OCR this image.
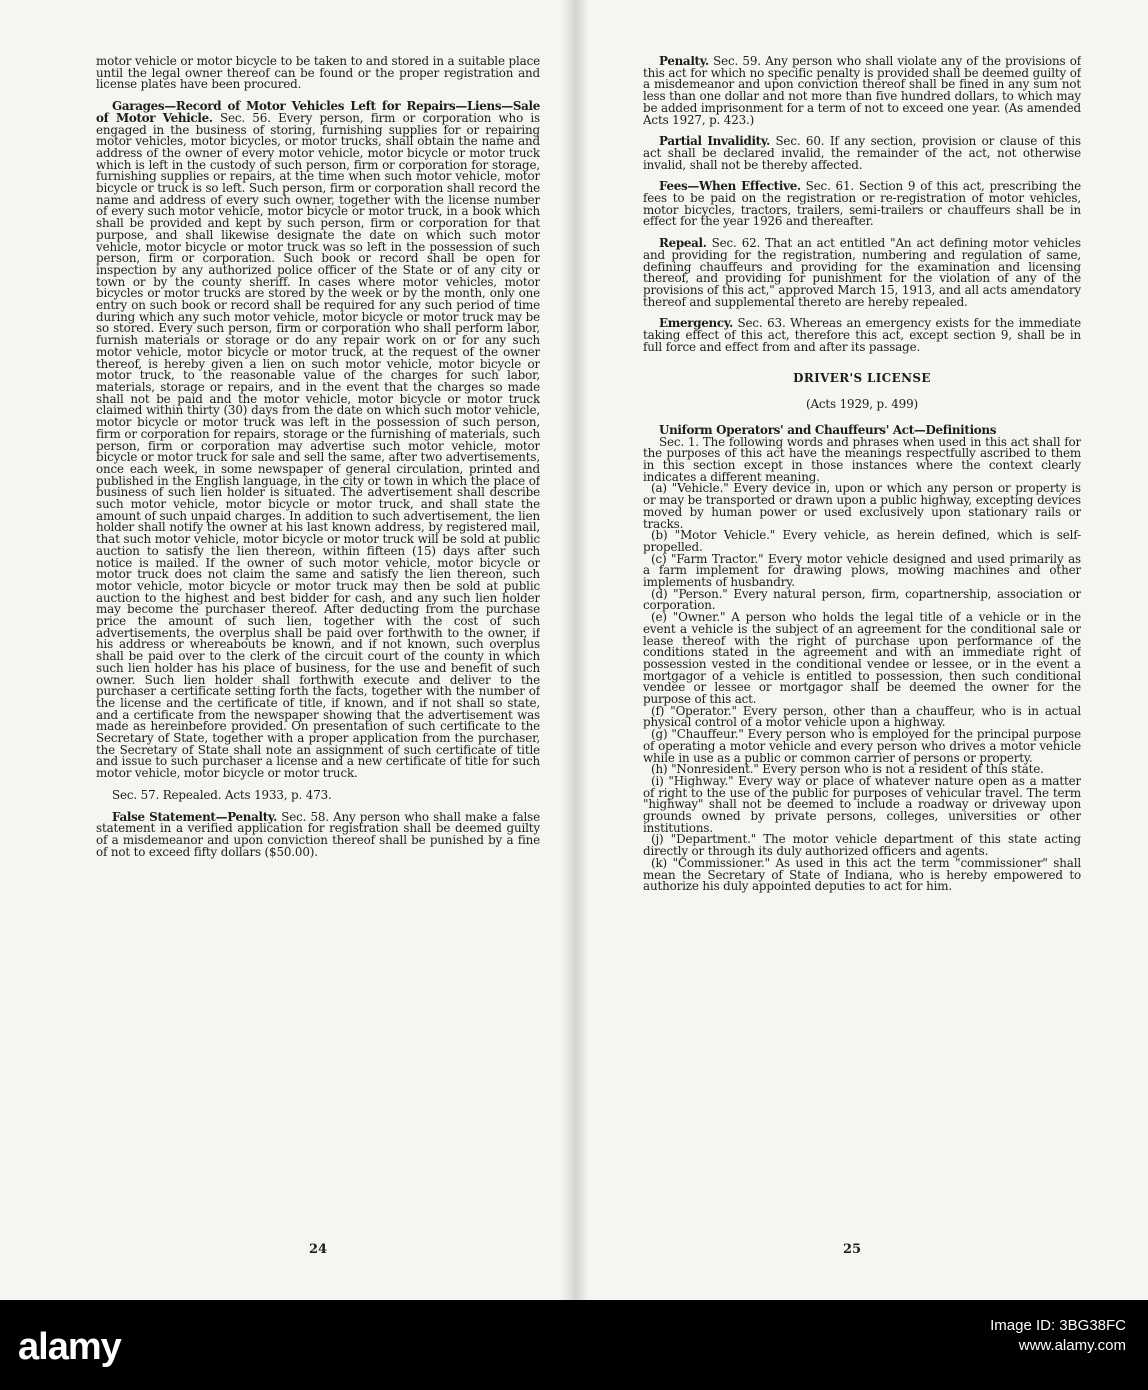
motor vehicle or motor bicycle to be taken to and stored in a suitable place until the legal owner thereof can be found or the proper registration and license plates have been procured.

Garages—Record of Motor Vehicles Left for Repairs—Liens—Sale of Motor Vehicle. Sec. 56. Every person, firm or corporation who is engaged in the business of storing, furnishing supplies for or repairing motor vehicles, motor bicycles, or motor trucks, shall obtain the name and address of the owner of every motor vehicle, motor bicycle or motor truck which is left in the custody of such person, firm or corporation for storage, furnishing supplies or repairs, at the time when such motor vehicle, motor bicycle or truck is so left. Such person, firm or corporation shall record the name and address of every such owner, together with the license number of every such motor vehicle, motor bicycle or motor truck, in a book which shall be provided and kept by such person, firm or corporation for that purpose, and shall likewise designate the date on which such motor vehicle, motor bicycle or motor truck was so left in the possession of such person, firm or corporation. Such book or record shall be open for inspection by any authorized police officer of the State or of any city or town or by the county sheriff. In cases where motor vehicles, motor bicycles or motor trucks are stored by the week or by the month, only one entry on such book or record shall be required for any such period of time during which any such motor vehicle, motor bicycle or motor truck may be so stored. Every such person, firm or corporation who shall perform labor, furnish materials or storage or do any repair work on or for any such motor vehicle, motor bicycle or motor truck, at the request of the owner thereof, is hereby given a lien on such motor vehicle, motor bicycle or motor truck, to the reasonable value of the charges for such labor, materials, storage or repairs, and in the event that the charges so made shall not be paid and the motor vehicle, motor bicycle or motor truck claimed within thirty (30) days from the date on which such motor vehicle, motor bicycle or motor truck was left in the possession of such person, firm or corporation for repairs, storage or the furnishing of materials, such person, firm or corporation may advertise such motor vehicle, motor bicycle or motor truck for sale and sell the same, after two advertisements, once each week, in some newspaper of general circulation, printed and published in the English language, in the city or town in which the place of business of such lien holder is situated. The advertisement shall describe such motor vehicle, motor bicycle or motor truck, and shall state the amount of such unpaid charges. In addition to such advertisement, the lien holder shall notify the owner at his last known address, by registered mail, that such motor vehicle, motor bicycle or motor truck will be sold at public auction to satisfy the lien thereon, within fifteen (15) days after such notice is mailed. If the owner of such motor vehicle, motor bicycle or motor truck does not claim the same and satisfy the lien thereon, such motor vehicle, motor bicycle or motor truck may then be sold at public auction to the highest and best bidder for cash, and any such lien holder may become the purchaser thereof. After deducting from the purchase price the amount of such lien, together with the cost of such advertisements, the overplus shall be paid over forthwith to the owner, if his address or whereabouts be known, and if not known, such overplus shall be paid over to the clerk of the circuit court of the county in which such lien holder has his place of business, for the use and benefit of such owner. Such lien holder shall forthwith execute and deliver to the purchaser a certificate setting forth the facts, together with the number of the license and the certificate of title, if known, and if not shall so state, and a certificate from the newspaper showing that the advertisement was made as hereinbefore provided. On presentation of such certificate to the Secretary of State, together with a proper application from the purchaser, the Secretary of State shall note an assignment of such certificate of title and issue to such purchaser a license and a new certificate of title for such motor vehicle, motor bicycle or motor truck.

Sec. 57. Repealed. Acts 1933, p. 473.

False Statement—Penalty. Sec. 58. Any person who shall make a false statement in a verified application for registration shall be deemed guilty of a misdemeanor and upon conviction thereof shall be punished by a fine of not to exceed fifty dollars ($50.00).

24

Penalty. Sec. 59. Any person who shall violate any of the provisions of this act for which no specific penalty is provided shall be deemed guilty of a misdemeanor and upon conviction thereof shall be fined in any sum not less than one dollar and not more than five hundred dollars, to which may be added imprisonment for a term of not to exceed one year. (As amended Acts 1927, p. 423.)

Partial Invalidity. Sec. 60. If any section, provision or clause of this act shall be declared invalid, the remainder of the act, not otherwise invalid, shall not be thereby affected.

Fees—When Effective. Sec. 61. Section 9 of this act, prescribing the fees to be paid on the registration or re-registration of motor vehicles, motor bicycles, tractors, trailers, semi-trailers or chauffeurs shall be in effect for the year 1926 and thereafter.

Repeal. Sec. 62. That an act entitled "An act defining motor vehicles and providing for the registration, numbering and regulation of same, defining chauffeurs and providing for the examination and licensing thereof, and providing for punishment for the violation of any of the provisions of this act," approved March 15, 1913, and all acts amendatory thereof and supplemental thereto are hereby repealed.

Emergency. Sec. 63. Whereas an emergency exists for the immediate taking effect of this act, therefore this act, except section 9, shall be in full force and effect from and after its passage.

DRIVER'S LICENSE

(Acts 1929, p. 499)

Uniform Operators' and Chauffeurs' Act—Definitions

Sec. 1. The following words and phrases when used in this act shall for the purposes of this act have the meanings respectfully ascribed to them in this section except in those instances where the context clearly indicates a different meaning.

(a) "Vehicle." Every device in, upon or which any person or property is or may be transported or drawn upon a public highway, excepting devices moved by human power or used exclusively upon stationary rails or tracks.

(b) "Motor Vehicle." Every vehicle, as herein defined, which is self-propelled.

(c) "Farm Tractor." Every motor vehicle designed and used primarily as a farm implement for drawing plows, mowing machines and other implements of husbandry.

(d) "Person." Every natural person, firm, copartnership, association or corporation.

(e) "Owner." A person who holds the legal title of a vehicle or in the event a vehicle is the subject of an agreement for the conditional sale or lease thereof with the right of purchase upon performance of the conditions stated in the agreement and with an immediate right of possession vested in the conditional vendee or lessee, or in the event a mortgagor of a vehicle is entitled to possession, then such conditional vendee or lessee or mortgagor shall be deemed the owner for the purpose of this act.

(f) "Operator." Every person, other than a chauffeur, who is in actual physical control of a motor vehicle upon a highway.

(g) "Chauffeur." Every person who is employed for the principal purpose of operating a motor vehicle and every person who drives a motor vehicle while in use as a public or common carrier of persons or property.

(h) "Nonresident." Every person who is not a resident of this state.

(i) "Highway." Every way or place of whatever nature open as a matter of right to the use of the public for purposes of vehicular travel. The term "highway" shall not be deemed to include a roadway or driveway upon grounds owned by private persons, colleges, universities or other institutions.

(j) "Department." The motor vehicle department of this state acting directly or through its duly authorized officers and agents.

(k) "Commissioner." As used in this act the term "commissioner" shall mean the Secretary of State of Indiana, who is hereby empowered to authorize his duly appointed deputies to act for him.

25
alamy
Image ID: 3BG38FC
www.alamy.com
